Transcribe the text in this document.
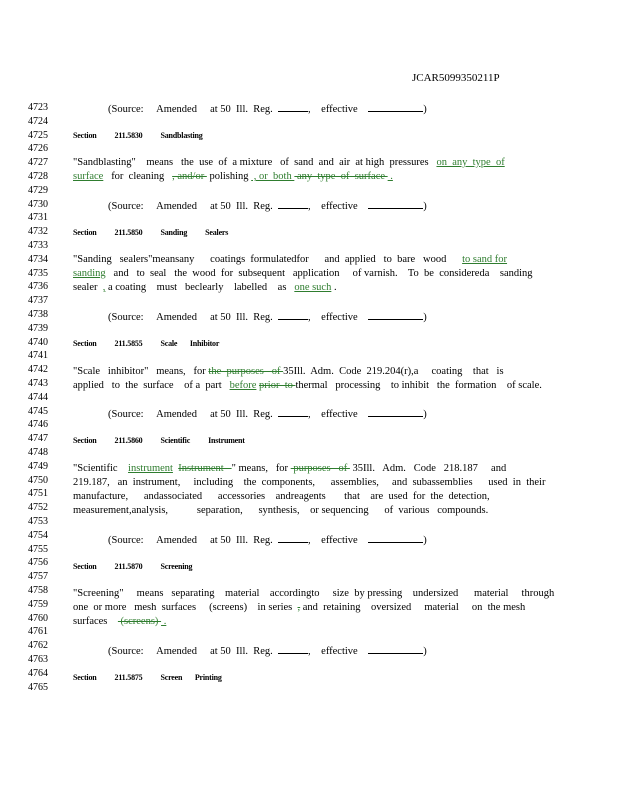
JCAR5099350211P
4723
4724
4725
4726
4727
4728
4729
4730
4731
4732
4733
4734
4735
4736
4737
4738
4739
4740
4741
4742
4743
4744
4745
4746
4747
4748
4749
4750
4751
4752
4753
4754
4755
4756
4757
4758
4759
4760
4761
4762
4763
4764
4765
(Source: Amended at 50 Ill. Reg.	,    effective	)
Section 211.5830 Sandblasting
"Sandblasting"    means   the  use  of  a mixture   of  sand  and  air  at high  pressures   on  any  type  of
surface   for  cleaning   , and/or  polishing  , or  both  any  type  of  surface  .
(Source: Amended at 50 Ill. Reg.	,    effective	)
Section 211.5850 Sanding Sealers
"Sanding   sealers"meansany      coatings  formulatedfor      and  applied   to  bare   wood      to sand for
sanding   and   to  seal   the  wood  for  subsequent   application     of varnish.    To  be  considereda    sanding
sealer  , a coating    must   beclearly    labelled    as   one such .
(Source: Amended at 50 Ill. Reg.	,    effective	)
Section 211.5855 Scale Inhibitor
"Scale   inhibitor"   means,   for the  purposes   of 35Ill.  Adm.  Code  219.204(r),a     coating    that   is
applied   to  the  surface    of a  part   before prior  to thermal   processing    to inhibit   the  formation    of scale.
(Source: Amended at 50 Ill. Reg.	,    effective	)
Section 211.5860 Scientific Instrument
"Scientific    instrument Instrument   " means,   for  purposes   of  35Ill.   Adm.   Code   218.187     and
219.187,   an  instrument,     including    the  components,      assemblies,     and  subassemblies      used  in  their
manufacture,      andassociated      accessories    andreagents       that    are  used  for  the  detection,
measurement,analysis,           separation,      synthesis,    or sequencing      of  various   compounds.
(Source: Amended at 50 Ill. Reg.	,    effective	)
Section 211.5870 Screening
"Screening"     means   separating    material    accordingto     size  by pressing    undersized      material     through
one  or more   mesh  surfaces     (screens)    in series  , and  retaining    oversized     material     on  the mesh
surfaces     (screens)  .
(Source: Amended at 50 Ill. Reg.	,    effective	)
Section 211.5875 Screen Printing
